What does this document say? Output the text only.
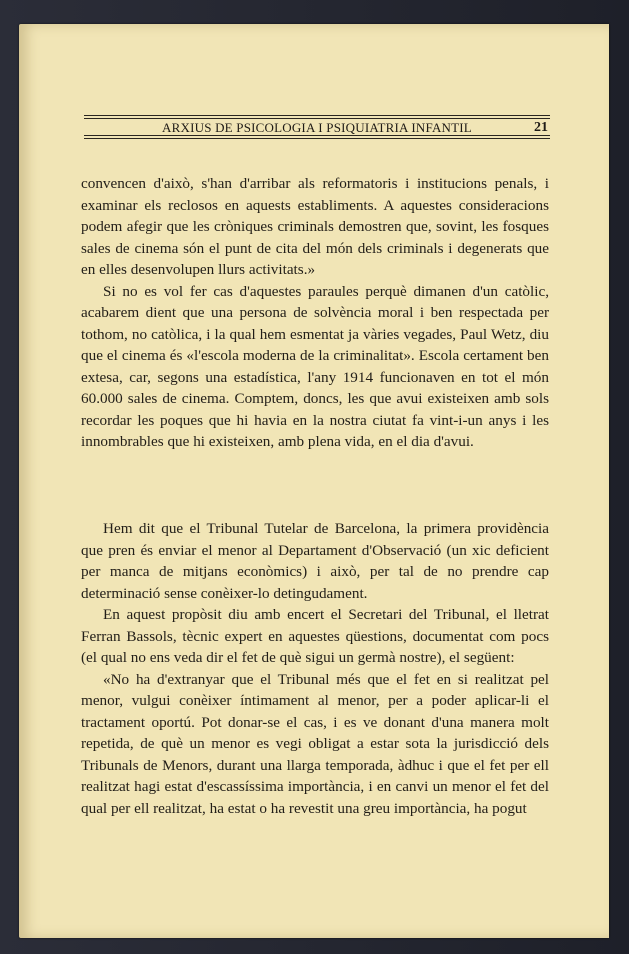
ARXIUS DE PSICOLOGIA I PSIQUIATRIA INFANTIL	21

convencen d'això, s'han d'arribar als reformatoris i institucions penals, i examinar els reclosos en aquests establiments. A aquestes consideracions podem afegir que les cròniques criminals demostren que, sovint, les fosques sales de cinema són el punt de cita del món dels criminals i degenerats que en elles desenvolupen llurs activitats.»

Si no es vol fer cas d'aquestes paraules perquè dimanen d'un catòlic, acabarem dient que una persona de solvència moral i ben respectada per tothom, no catòlica, i la qual hem esmentat ja vàries vegades, Paul Wetz, diu que el cinema és «l'escola moderna de la criminalitat». Escola certament ben extesa, car, segons una estadística, l'any 1914 funcionaven en tot el món 60.000 sales de cinema. Comptem, doncs, les que avui existeixen amb sols recordar les poques que hi havia en la nostra ciutat fa vint-i-un anys i les innombrables que hi existeixen, amb plena vida, en el dia d'avui.

Hem dit que el Tribunal Tutelar de Barcelona, la primera providència que pren és enviar el menor al Departament d'Observació (un xic deficient per manca de mitjans econòmics) i això, per tal de no prendre cap determinació sense conèixer-lo detingudament.

En aquest propòsit diu amb encert el Secretari del Tribunal, el lletrat Ferran Bassols, tècnic expert en aquestes qüestions, documentat com pocs (el qual no ens veda dir el fet de què sigui un germà nostre), el següent:

«No ha d'extranyar que el Tribunal més que el fet en si realitzat pel menor, vulgui conèixer íntimament al menor, per a poder aplicar-li el tractament oportú. Pot donar-se el cas, i es ve donant d'una manera molt repetida, de què un menor es vegi obligat a estar sota la jurisdicció dels Tribunals de Menors, durant una llarga temporada, àdhuc i que el fet per ell realitzat hagi estat d'escassíssima importància, i en canvi un menor el fet del qual per ell realitzat, ha estat o ha revestit una greu importància, ha pogut
